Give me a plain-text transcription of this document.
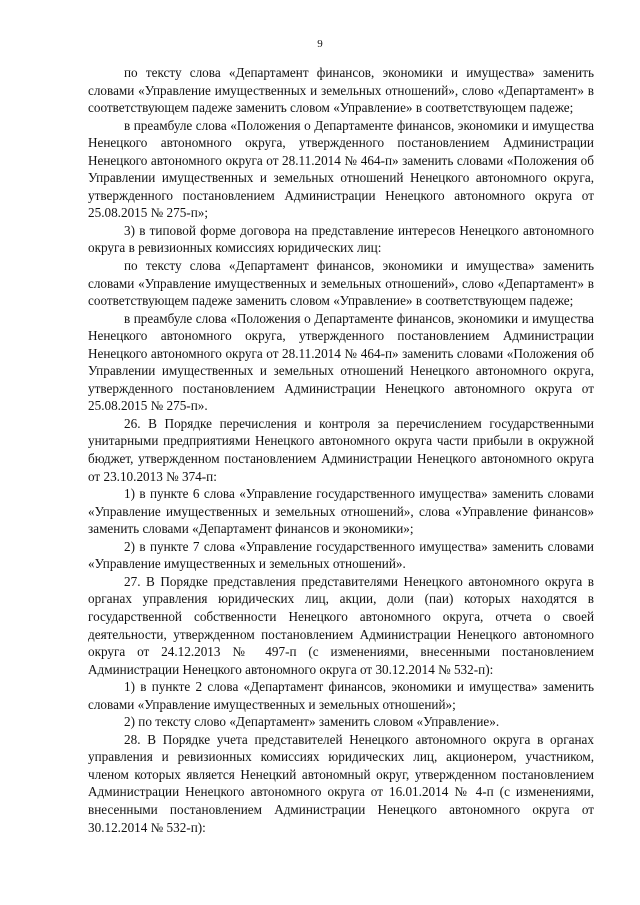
9

по тексту слова «Департамент финансов, экономики и имущества» заменить словами «Управление имущественных и земельных отношений», слово «Департамент» в соответствующем падеже заменить словом «Управление» в соответствующем падеже;

в преамбуле слова «Положения о Департаменте финансов, экономики и имущества Ненецкого автономного округа, утвержденного постановлением Администрации Ненецкого автономного округа от 28.11.2014 № 464-п» заменить словами «Положения об Управлении имущественных и земельных отношений Ненецкого автономного округа, утвержденного постановлением Администрации Ненецкого автономного округа от 25.08.2015 № 275-п»;

3) в типовой форме договора на представление интересов Ненецкого автономного округа в ревизионных комиссиях юридических лиц:

по тексту слова «Департамент финансов, экономики и имущества» заменить словами «Управление имущественных и земельных отношений», слово «Департамент» в соответствующем падеже заменить словом «Управление» в соответствующем падеже;

в преамбуле слова «Положения о Департаменте финансов, экономики и имущества Ненецкого автономного округа, утвержденного постановлением Администрации Ненецкого автономного округа от 28.11.2014 № 464-п» заменить словами «Положения об Управлении имущественных и земельных отношений Ненецкого автономного округа, утвержденного постановлением Администрации Ненецкого автономного округа от 25.08.2015 № 275-п».

26. В Порядке перечисления и контроля за перечислением государственными унитарными предприятиями Ненецкого автономного округа части прибыли в окружной бюджет, утвержденном постановлением Администрации Ненецкого автономного округа от 23.10.2013 № 374-п:

1) в пункте 6 слова «Управление государственного имущества» заменить словами «Управление имущественных и земельных отношений», слова «Управление финансов» заменить словами «Департамент финансов и экономики»;

2) в пункте 7 слова «Управление государственного имущества» заменить словами «Управление имущественных и земельных отношений».

27. В Порядке представления представителями Ненецкого автономного округа в органах управления юридических лиц, акции, доли (паи) которых находятся в государственной собственности Ненецкого автономного округа, отчета о своей деятельности, утвержденном постановлением Администрации Ненецкого автономного округа от 24.12.2013 № 497-п (с изменениями, внесенными постановлением Администрации Ненецкого автономного округа от 30.12.2014 № 532-п):

1) в пункте 2 слова «Департамент финансов, экономики и имущества» заменить словами «Управление имущественных и земельных отношений»;

2) по тексту слово «Департамент» заменить словом «Управление».

28. В Порядке учета представителей Ненецкого автономного округа в органах управления и ревизионных комиссиях юридических лиц, акционером, участником, членом которых является Ненецкий автономный округ, утвержденном постановлением Администрации Ненецкого автономного округа от 16.01.2014 № 4-п (с изменениями, внесенными постановлением Администрации Ненецкого автономного округа от 30.12.2014 № 532-п):
